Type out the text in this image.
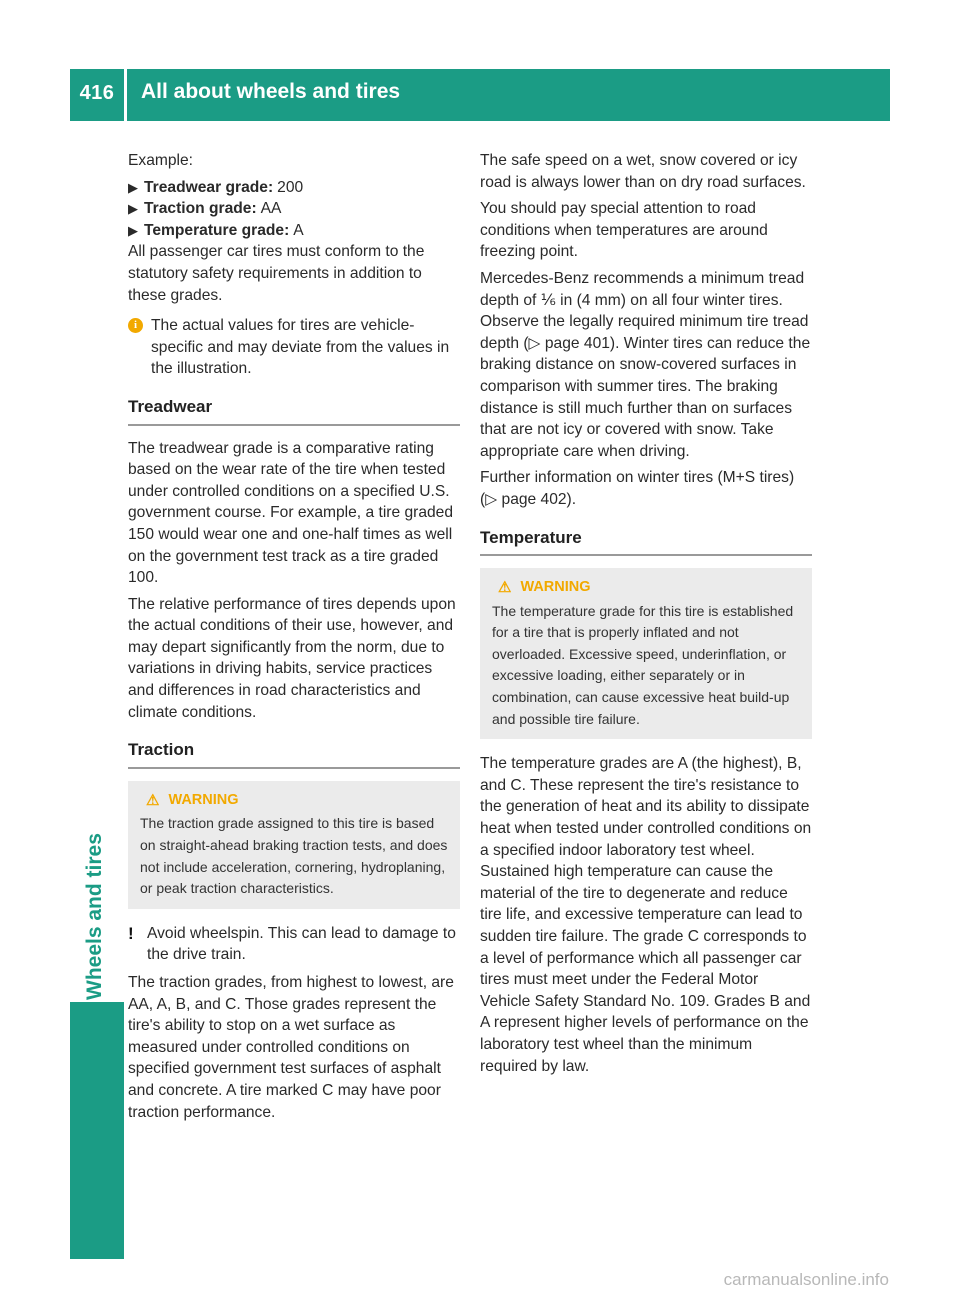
416	All about wheels and tires
Wheels and tires

Example:

▶ Treadwear grade: 200
▶ Traction grade: AA
▶ Temperature grade: A

All passenger car tires must conform to the statutory safety requirements in addition to these grades.

i The actual values for tires are vehicle-specific and may deviate from the values in the illustration.
Treadwear

The treadwear grade is a comparative rating based on the wear rate of the tire when tested under controlled conditions on a specified U.S. government course. For example, a tire graded 150 would wear one and one-half times as well on the government test track as a tire graded 100.

The relative performance of tires depends upon the actual conditions of their use, however, and may depart significantly from the norm, due to variations in driving habits, service practices and differences in road characteristics and climate conditions.

Traction
⚠ WARNING
The traction grade assigned to this tire is based on straight-ahead braking traction tests, and does not include acceleration, cornering, hydroplaning, or peak traction characteristics.
! Avoid wheelspin. This can lead to damage to the drive train.

The traction grades, from highest to lowest, are AA, A, B, and C. Those grades represent the tire's ability to stop on a wet surface as measured under controlled conditions on specified government test surfaces of asphalt and concrete. A tire marked C may have poor traction performance.

The safe speed on a wet, snow covered or icy road is always lower than on dry road surfaces.

You should pay special attention to road conditions when temperatures are around freezing point.

Mercedes-Benz recommends a minimum tread depth of ⅙ in (4 mm) on all four winter tires. Observe the legally required minimum tire tread depth (▷ page 401). Winter tires can reduce the braking distance on snow-covered surfaces in comparison with summer tires. The braking distance is still much further than on surfaces that are not icy or covered with snow. Take appropriate care when driving.

Further information on winter tires (M+S tires) (▷ page 402).

Temperature
⚠ WARNING
The temperature grade for this tire is established for a tire that is properly inflated and not overloaded. Excessive speed, underinflation, or excessive loading, either separately or in combination, can cause excessive heat build-up and possible tire failure.

The temperature grades are A (the highest), B, and C. These represent the tire's resistance to the generation of heat and its ability to dissipate heat when tested under controlled conditions on a specified indoor laboratory test wheel. Sustained high temperature can cause the material of the tire to degenerate and reduce tire life, and excessive temperature can lead to sudden tire failure. The grade C corresponds to a level of performance which all passenger car tires must meet under the Federal Motor Vehicle Safety Standard No. 109. Grades B and A represent higher levels of performance on the laboratory test wheel than the minimum required by law.

carmanualsonline.info
